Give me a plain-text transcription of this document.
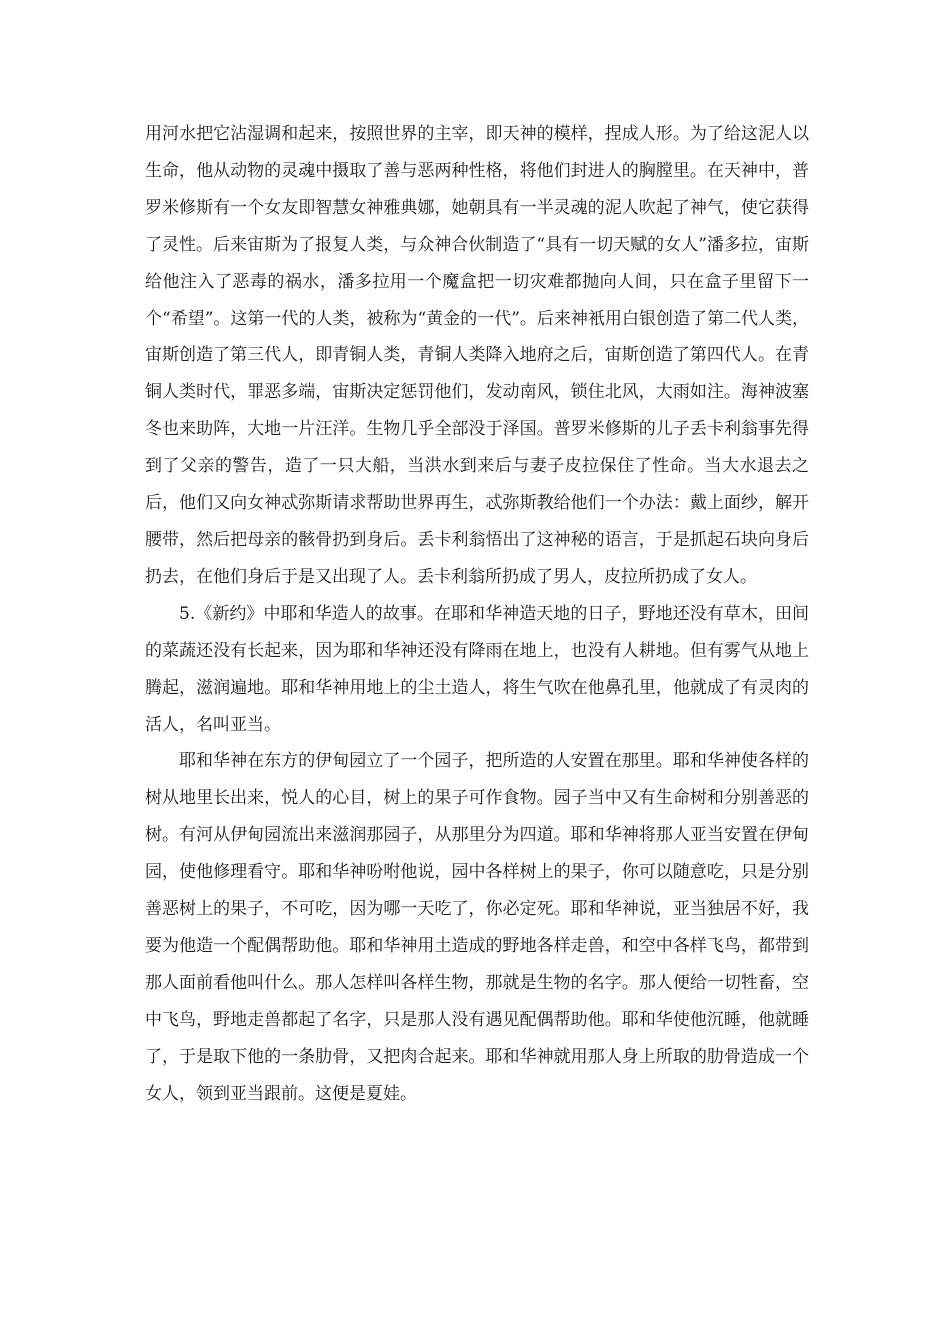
用河水把它沾湿调和起来，按照世界的主宰，即天神的模样，捏成人形。为了给这泥人以生命，他从动物的灵魂中摄取了善与恶两种性格，将他们封进人的胸膛里。在天神中，普罗米修斯有一个女友即智慧女神雅典娜，她朝具有一半灵魂的泥人吹起了神气，使它获得了灵性。后来宙斯为了报复人类，与众神合伙制造了“具有一切天赋的女人”潘多拉，宙斯给他注入了恶毒的祸水，潘多拉用一个魔盒把一切灾难都抛向人间，只在盒子里留下一个“希望”。这第一代的人类，被称为“黄金的一代”。后来神衹用白银创造了第二代人类，宙斯创造了第三代人，即青铜人类，青铜人类降入地府之后，宙斯创造了第四代人。在青铜人类时代，罪恶多端，宙斯决定惩罚他们，发动南风，锁住北风，大雨如注。海神波塞冬也来助阵，大地一片汪洋。生物几乎全部没于泽国。普罗米修斯的儿子丢卡利翁事先得到了父亲的警告，造了一只大船，当洪水到来后与妻子皮拉保住了性命。当大水退去之后，他们又向女神忒弥斯请求帮助世界再生，忒弥斯教给他们一个办法：戴上面纱，解开腰带，然后把母亲的骸骨扔到身后。丢卡利翁悟出了这神秘的语言，于是抓起石块向身后扔去，在他们身后于是又出现了人。丢卡利翁所扔成了男人，皮拉所扔成了女人。

5.《新约》中耶和华造人的故事。在耶和华神造天地的日子，野地还没有草木，田间的菜蔬还没有长起来，因为耶和华神还没有降雨在地上，也没有人耕地。但有雾气从地上腾起，滋润遍地。耶和华神用地上的尘土造人，将生气吹在他鼻孔里，他就成了有灵肉的活人，名叫亚当。

耶和华神在东方的伊甸园立了一个园子，把所造的人安置在那里。耶和华神使各样的树从地里长出来，悦人的心目，树上的果子可作食物。园子当中又有生命树和分别善恶的树。有河从伊甸园流出来滋润那园子，从那里分为四道。耶和华神将那人亚当安置在伊甸园，使他修理看守。耶和华神吩咐他说，园中各样树上的果子，你可以随意吃，只是分别善恶树上的果子，不可吃，因为哪一天吃了，你必定死。耶和华神说，亚当独居不好，我要为他造一个配偶帮助他。耶和华神用土造成的野地各样走兽，和空中各样飞鸟，都带到那人面前看他叫什么。那人怎样叫各样生物，那就是生物的名字。那人便给一切牲畜，空中飞鸟，野地走兽都起了名字，只是那人没有遇见配偶帮助他。耶和华使他沉睡，他就睡了，于是取下他的一条肋骨，又把肉合起来。耶和华神就用那人身上所取的肋骨造成一个女人，领到亚当跟前。这便是夏娃。
